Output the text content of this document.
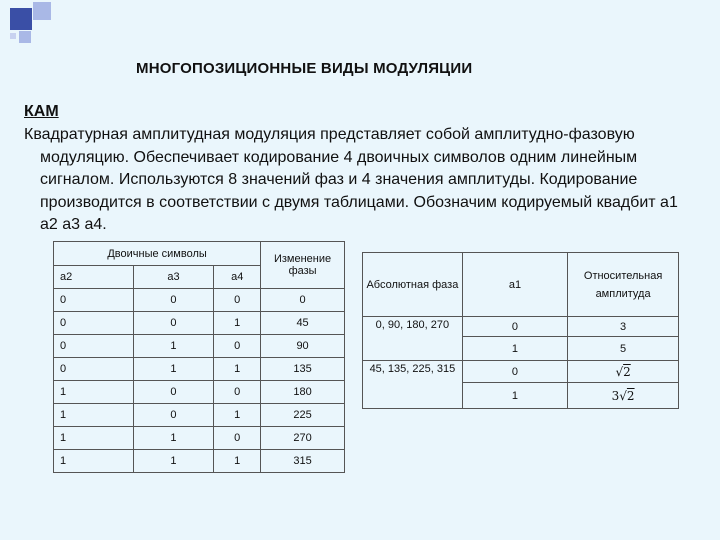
МНОГОПОЗИЦИОННЫЕ ВИДЫ МОДУЛЯЦИИ
КАМ
Квадратурная амплитудная модуляция представляет собой амплитудно-фазовую модуляцию. Обеспечивает кодирование 4 двоичных символов одним линейным сигналом. Используются 8 значений фаз и 4 значения амплитуды. Кодирование производится в соответствии с двумя таблицами. Обозначим кодируемый квадбит а1 а2 а3 а4.
Двоичные символы			Изменение фазы
а2	а3	а4	
0	0	0	0
0	0	1	45
0	1	0	90
0	1	1	135
1	0	0	180
1	0	1	225
1	1	0	270
1	1	1	315
Абсолютная фаза	а1	Относительная амплитуда
0, 90, 180, 270	0	3
	1	5
45, 135, 225, 315	0	√2
	1	3√2
